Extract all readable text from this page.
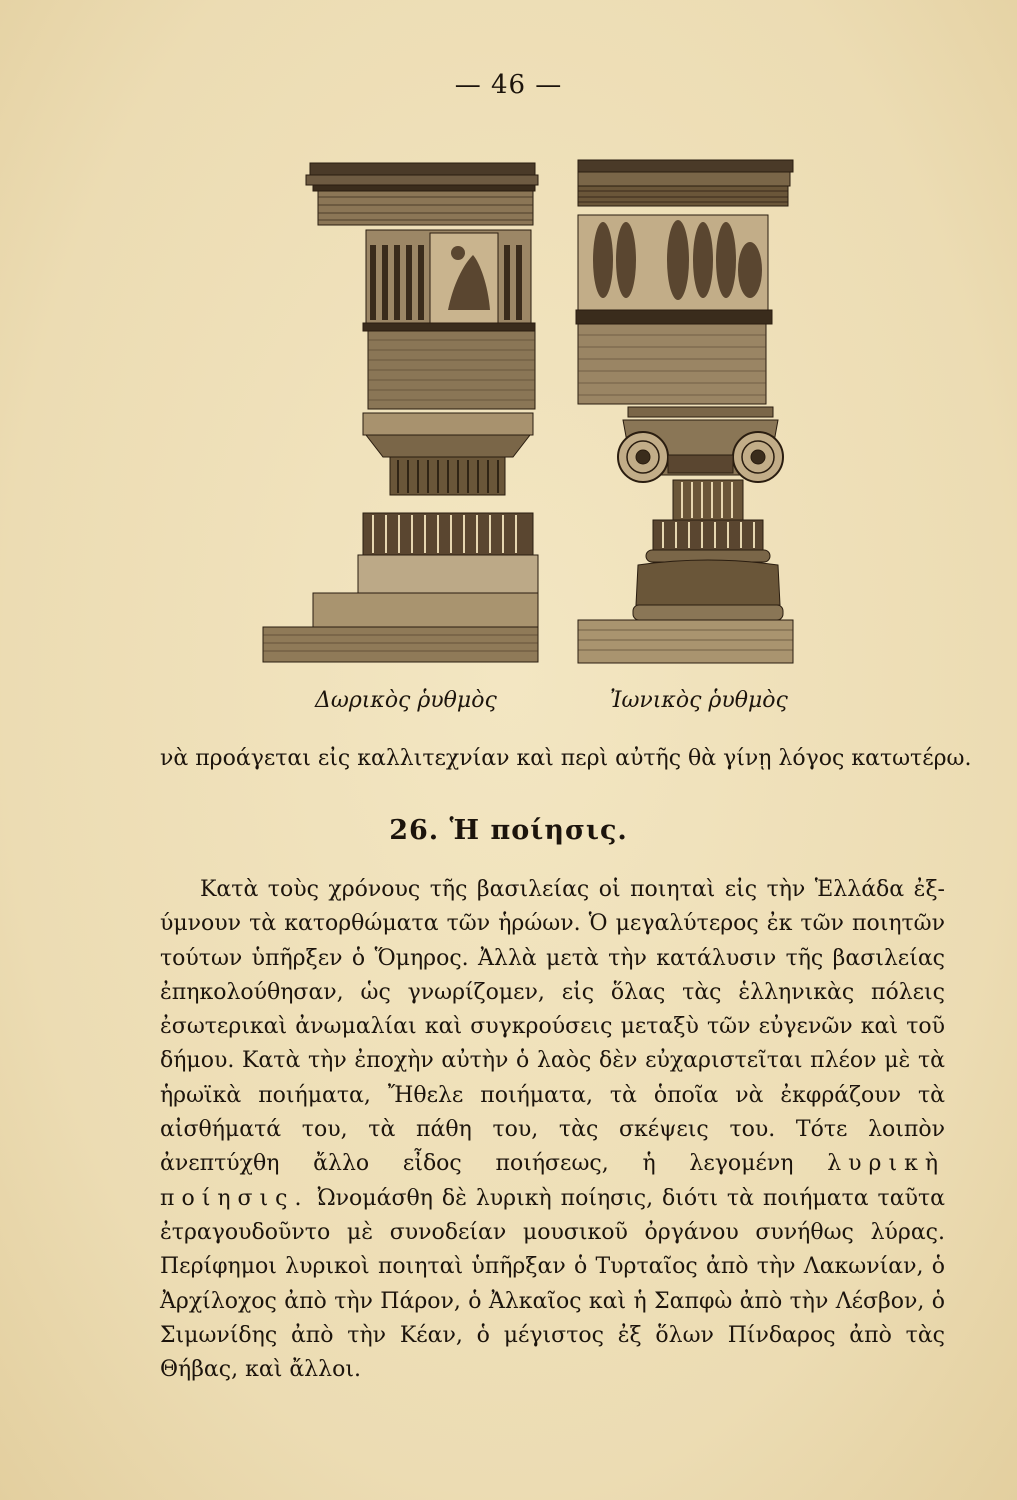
— 46 —
Δωρικὸς ῥυθμὸς	Ἰωνικὸς ῥυθμὸς
νὰ προάγεται εἰς καλλιτεχνίαν καὶ περὶ αὐτῆς θὰ γίνῃ λόγος κατωτέρω.
26. Ἡ ποίησις.
Κατὰ τοὺς χρόνους τῆς βασιλείας οἱ ποιηταὶ εἰς τὴν Ἑλλάδα ἐξ-ύμνουν τὰ κατορθώματα τῶν ἡρώων. Ὁ μεγαλύτερος ἐκ τῶν ποιητῶν τούτων ὑπῆρξεν ὁ Ὅμηρος. Ἀλλὰ μετὰ τὴν κατάλυσιν τῆς βασιλείας ἐπηκολούθησαν, ὡς γνωρίζομεν, εἰς ὅλας τὰς ἑλληνικὰς πόλεις ἐσωτερικαὶ ἀνωμαλίαι καὶ συγκρούσεις μεταξὺ τῶν εὐγενῶν καὶ τοῦ δήμου. Κατὰ τὴν ἐποχὴν αὐτὴν ὁ λαὸς δὲν εὐχαριστεῖται πλέον μὲ τὰ ἡρωϊκὰ ποιήματα, Ἤθελε ποιήματα, τὰ ὁποῖα νὰ ἐκφράζουν τὰ αἰσθήματά του, τὰ πάθη του, τὰς σκέψεις του. Τότε λοιπὸν ἀνεπτύχθη ἄλλο εἶδος ποιήσεως, ἡ λεγομένη λυρικὴ ποίησις. Ὠνομάσθη δὲ λυρικὴ ποίησις, διότι τὰ ποιήματα ταῦτα ἐτραγουδοῦντο μὲ συνοδείαν μουσικοῦ ὀργάνου συνήθως λύρας. Περίφημοι λυρικοὶ ποιηταὶ ὑπῆρξαν ὁ Τυρταῖος ἀπὸ τὴν Λακωνίαν, ὁ Ἀρχίλοχος ἀπὸ τὴν Πάρον, ὁ Ἀλκαῖος καὶ ἡ Σαπφὼ ἀπὸ τὴν Λέσβον, ὁ Σιμωνίδης ἀπὸ τὴν Κέαν, ὁ μέγιστος ἐξ ὅλων Πίνδαρος ἀπὸ τὰς Θήβας, καὶ ἄλλοι.
